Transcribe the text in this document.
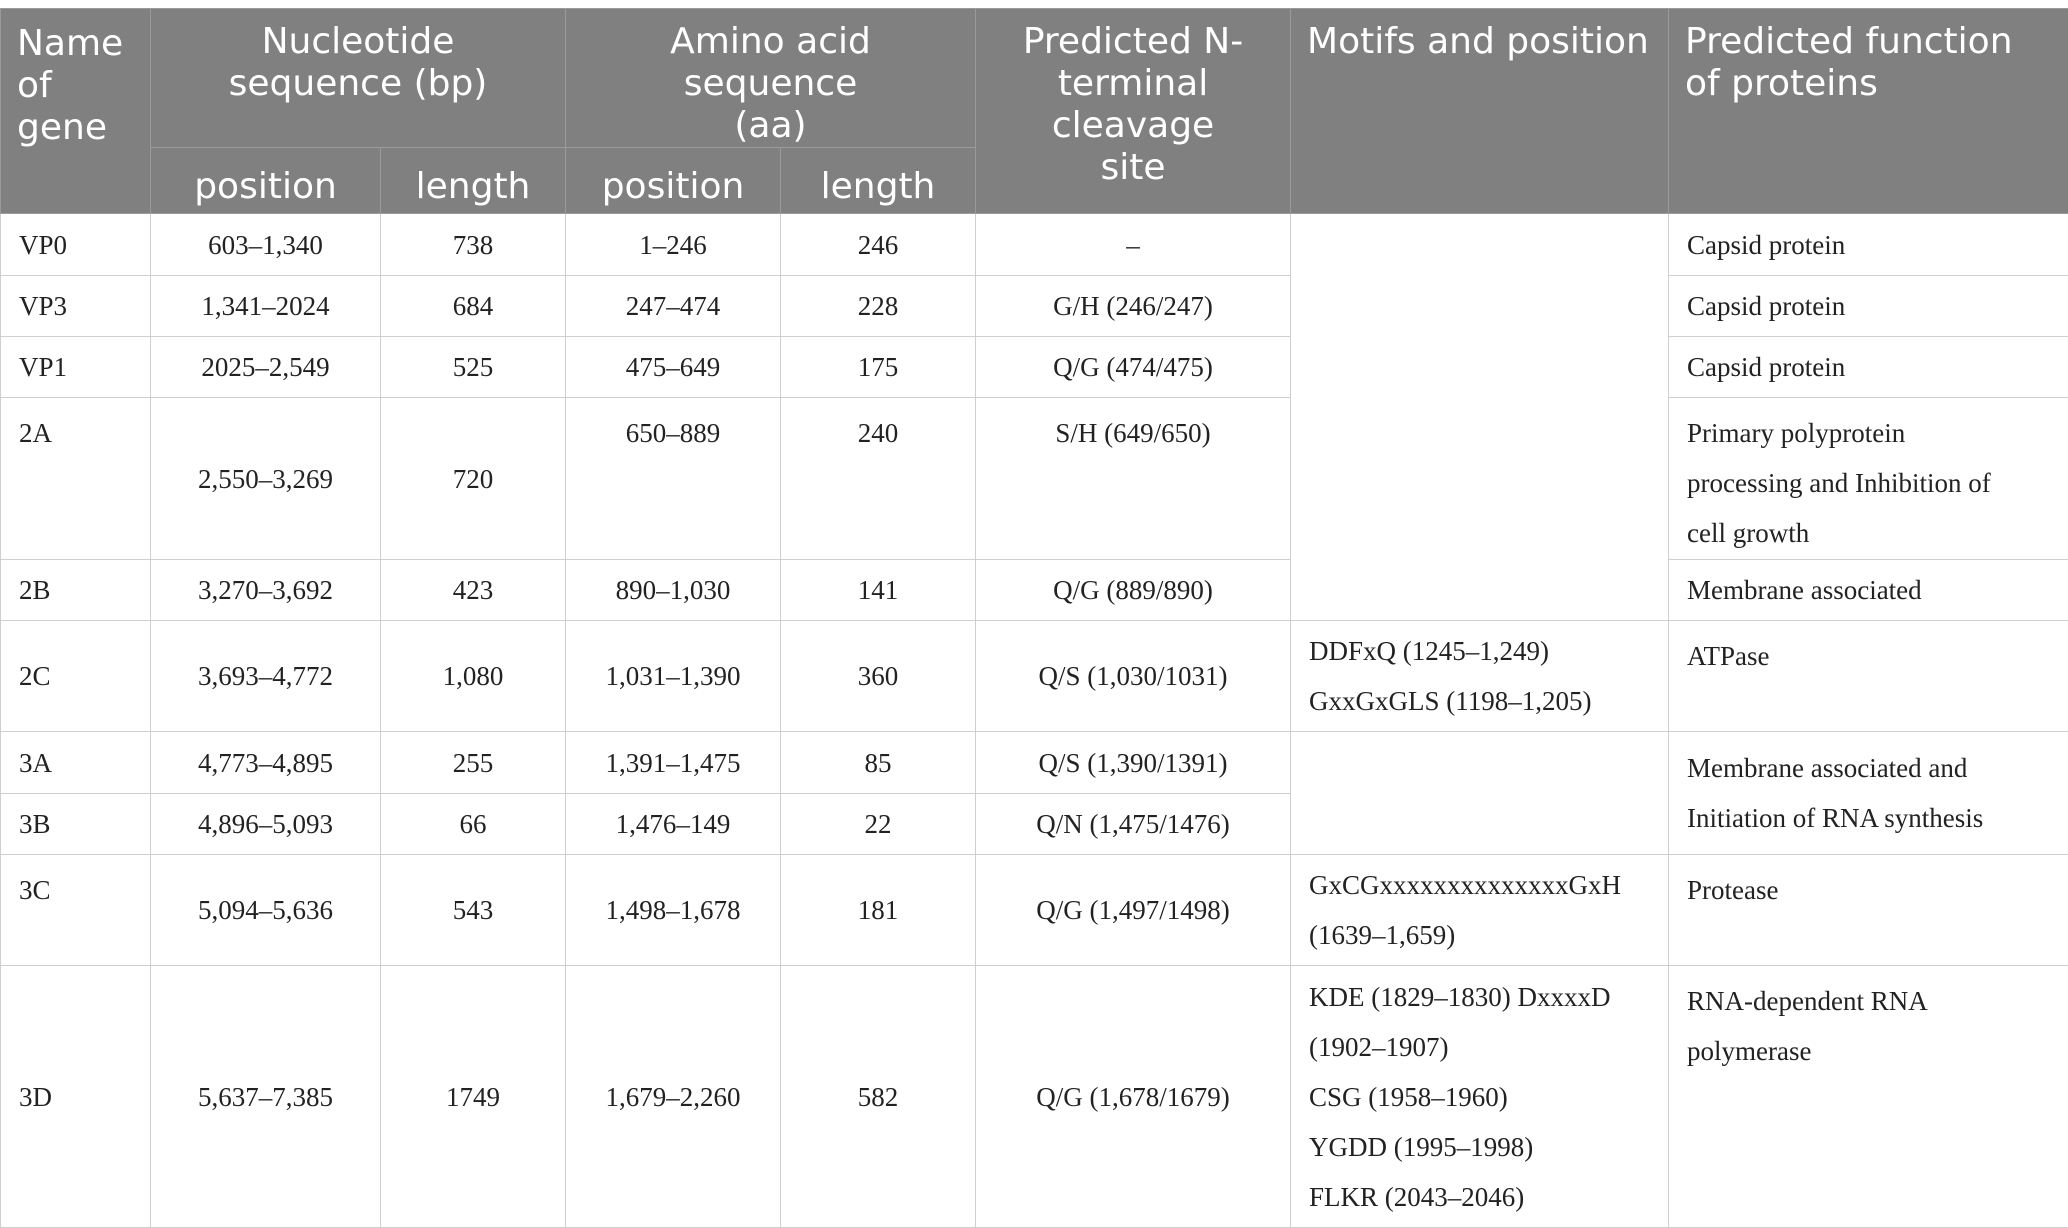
Name of gene	Nucleotide sequence (bp)		Amino acid sequence (aa)		Predicted N-terminal cleavage site	Motifs and position	Predicted function of proteins
	position	length	position	length			
VP0	603–1,340	738	1–246	246	–		Capsid protein
VP3	1,341–2024	684	247–474	228	G/H (246/247)		Capsid protein
VP1	2025–2,549	525	475–649	175	Q/G (474/475)		Capsid protein
2A	2,550–3,269	720	650–889	240	S/H (649/650)		Primary polyprotein
processing and Inhibition of
cell growth

2B	3,270–3,692	423	890–1,030	141	Q/G (889/890)		Membrane associated
2C	3,693–4,772	1,080	1,031–1,390	360	Q/S (1,030/1031)	DDFxQ (1245–1,249)
GxxGxGLS (1198–1,205)	ATPase
3A	4,773–4,895	255	1,391–1,475	85	Q/S (1,390/1391)		Membrane associated and
Initiation of RNA synthesis

3B	4,896–5,093	66	1,476–149	22	Q/N (1,475/1476)		
3C	5,094–5,636	543	1,498–1,678	181	Q/G (1,497/1498)	GxCGxxxxxxxxxxxxxxGxH
(1639–1,659)	Protease
3D	5,637–7,385	1749	1,679–2,260	582	Q/G (1,678/1679)	KDE (1829–1830) DxxxxD
(1902–1907)
CSG (1958–1960)
YGDD (1995–1998)
FLKR (2043–2046)	RNA-dependent RNA
polymerase
